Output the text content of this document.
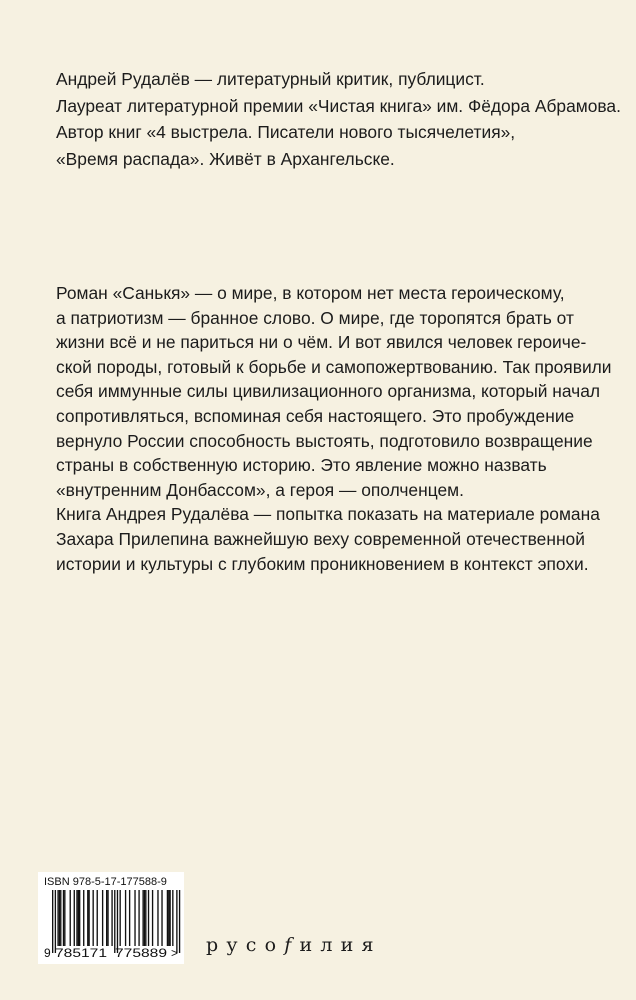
Андрей Рудалёв — литературный критик, публицист.

Лауреат литературной премии «Чистая книга» им. Фёдора Абрамова.

Автор книг «4 выстрела. Писатели нового тысячелетия»,

«Время распада». Живёт в Архангельске.

Роман «Санькя» — о мире, в котором нет места героическому,

а патриотизм — бранное слово. О мире, где торопятся брать от

жизни всё и не париться ни о чём. И вот явился человек героиче-

ской породы, готовый к борьбе и самопожертвованию. Так проявили

себя иммунные силы цивилизационного организма, который начал

сопротивляться, вспоминая себя настоящего. Это пробуждение

вернуло России способность выстоять, подготовило возвращение

страны в собственную историю. Это явление можно назвать

«внутренним Донбассом», а героя — ополченцем.

Книга Андрея Рудалёва — попытка показать на материале романа

Захара Прилепина важнейшую веху современной отечественной

истории и культуры с глубоким проникновением в контекст эпохи.

ISBN 978-5-17-177588-9
9 785171 775889 > русоfилия
